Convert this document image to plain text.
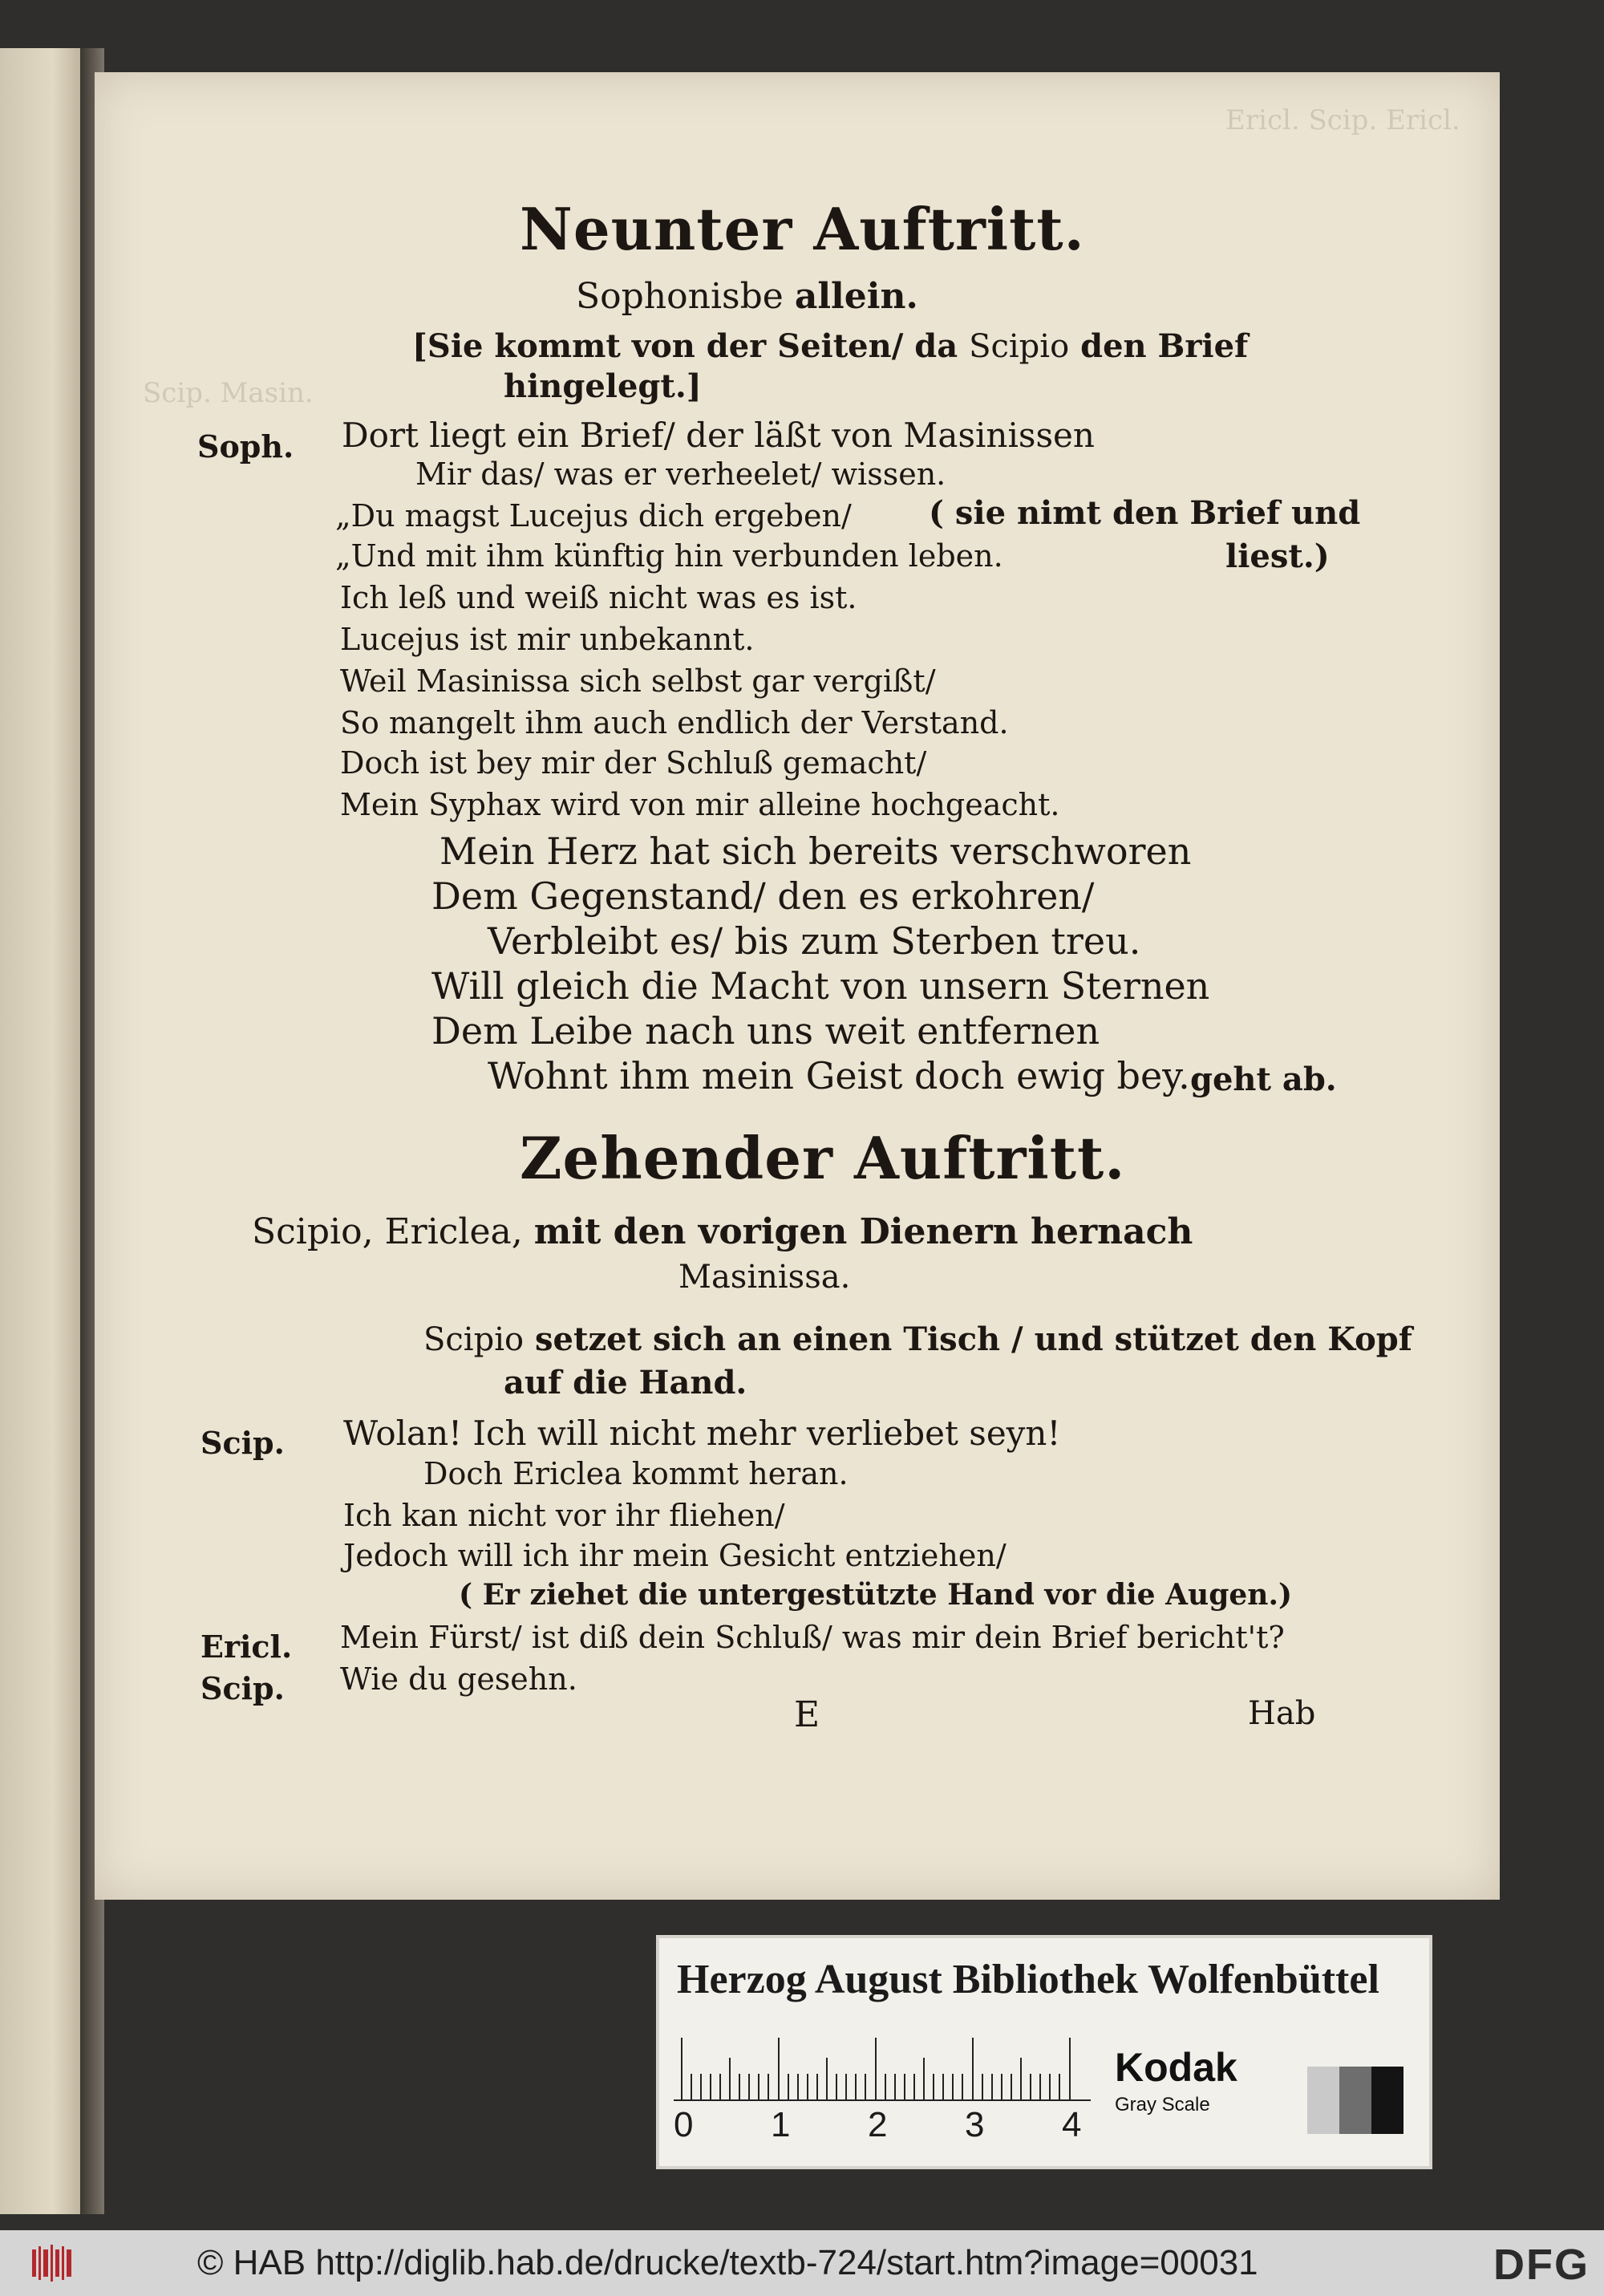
Ericl. Scip. Ericl.
Scip. Masin.
Neunter Auftritt.
Sophonisbe allein.
[Sie kommt von der Seiten/ da Scipio den Brief
hingelegt.]
Soph. Dort liegt ein Brief/ der läßt von Masinissen
Mir das/ was er verheelet/ wissen.
„Du magst Lucejus dich ergeben/ ( sie nimt den Brief und
„Und mit ihm künftig hin verbunden leben.	liest.)
Ich leß und weiß nicht was es ist.
Lucejus ist mir unbekannt.
Weil Masinissa sich selbst gar vergißt/
So mangelt ihm auch endlich der Verstand.
Doch ist bey mir der Schluß gemacht/
Mein Syphax wird von mir alleine hochgeacht.
Mein Herz hat sich bereits verschworen
Dem Gegenstand/ den es erkohren/
Verbleibt es/ bis zum Sterben treu.
Will gleich die Macht von unsern Sternen
Dem Leibe nach uns weit entfernen
Wohnt ihm mein Geist doch ewig bey. geht ab.
Zehender Auftritt.
Scipio, Ericlea, mit den vorigen Dienern hernach
Masinissa.
Scipio setzet sich an einen Tisch / und stützet den Kopf
auf die Hand.
Scip. Wolan! Ich will nicht mehr verliebet seyn!
Doch Ericlea kommt heran.
Ich kan nicht vor ihr fliehen/
Jedoch will ich ihr mein Gesicht entziehen/
( Er ziehet die untergestützte Hand vor die Augen.)
Ericl. Mein Fürst/ ist diß dein Schluß/ was mir dein Brief bericht't?
Scip. Wie du gesehn.
E	Hab
Herzog August Bibliothek Wolfenbüttel
0 1 2 3 4
Kodak
Gray Scale
© HAB http://diglib.hab.de/drucke/textb-724/start.htm?image=00031	DFG
